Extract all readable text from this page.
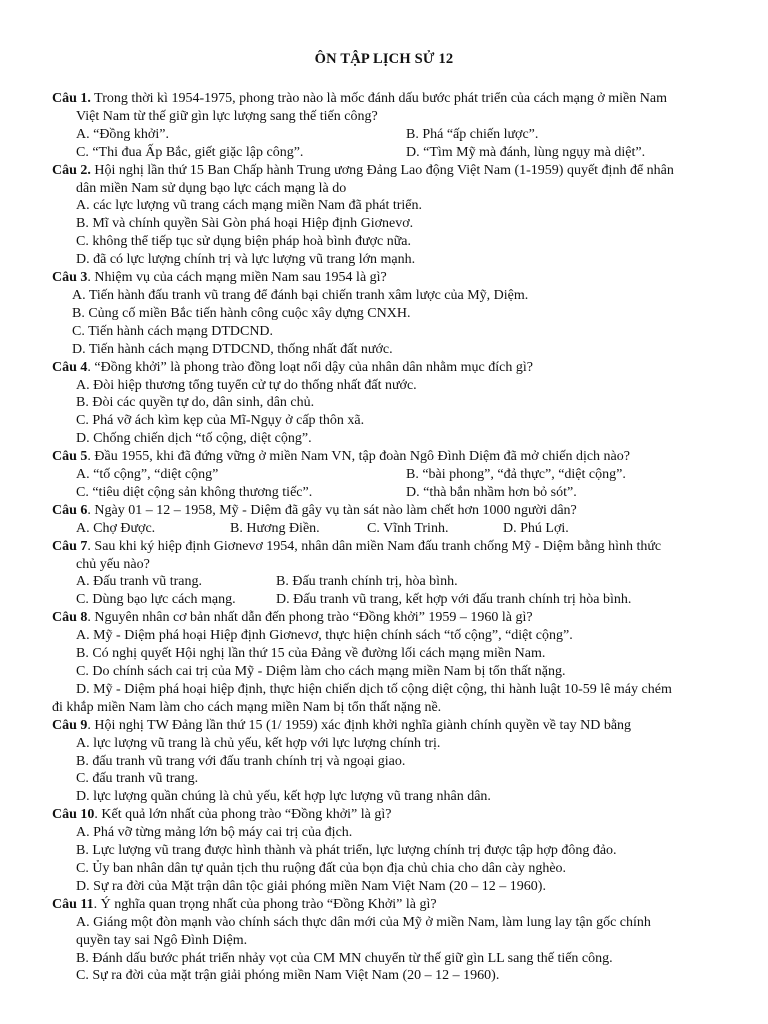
ÔN TẬP LỊCH SỬ 12
Câu 1. Trong thời kì 1954-1975, phong trào nào là mốc đánh dấu bước phát triển của cách mạng ở miền Nam
Việt Nam từ thế giữ gìn lực lượng sang thế tiến công?
A. “Đồng khởi”.	B. Phá “ấp chiến lược”.
C. “Thi đua Ấp Bắc, giết giặc lập công”.	D. “Tìm Mỹ mà đánh, lùng ngụy mà diệt”.
Câu 2. Hội nghị lần thứ 15 Ban Chấp hành Trung ương Đảng Lao động Việt Nam (1-1959) quyết định để nhân
dân miền Nam sử dụng bạo lực cách mạng là do
A. các lực lượng vũ trang cách mạng miền Nam đã phát triển.
B. Mĩ và chính quyền Sài Gòn phá hoại Hiệp định Giơnevơ.
C. không thể tiếp tục sử dụng biện pháp hoà bình được nữa.
D. đã có lực lượng chính trị và lực lượng vũ trang lớn mạnh.
Câu 3. Nhiệm vụ của cách mạng miền Nam sau 1954 là gì?
A. Tiến hành đấu tranh vũ trang để đánh bại chiến tranh xâm lược của Mỹ, Diệm.
B. Củng cố miền Bắc tiến hành công cuộc xây dựng CNXH.
C. Tiến hành cách mạng DTDCND.
D. Tiến hành cách mạng DTDCND, thống nhất đất nước.
Câu 4. “Đồng khởi” là phong trào đồng loạt nổi dậy của nhân dân nhằm mục đích gì?
A. Đòi hiệp thương tổng tuyển cử tự do thống nhất đất nước.
B. Đòi các quyền tự do, dân sinh, dân chủ.
C. Phá vỡ ách kìm kẹp của Mĩ-Ngụy ở cấp thôn xã.
D. Chống chiến dịch “tố cộng, diệt cộng”.
Câu 5. Đầu 1955, khi đã đứng vững ở miền Nam VN, tập đoàn Ngô Đình Diệm đã mở chiến dịch nào?
A. “tố cộng”, “diệt cộng”	B. “bài phong”, “đả thực”, “diệt cộng”.
C. “tiêu diệt cộng sản không thương tiếc”.	D. “thà bắn nhầm hơn bỏ sót”.
Câu 6. Ngày 01 – 12 – 1958, Mỹ - Diệm đã gây vụ tàn sát nào làm chết hơn 1000 người dân?
A. Chợ Được.	B. Hương Điền.	C. Vĩnh Trinh.	D. Phú Lợi.
Câu 7. Sau khi ký hiệp định Giơnevơ 1954, nhân dân miền Nam đấu tranh chống Mỹ - Diệm bằng hình thức
chủ yếu nào?
A. Đấu tranh vũ trang.	B. Đấu tranh chính trị, hòa bình.
C. Dùng bạo lực cách mạng.	D. Đấu tranh vũ trang, kết hợp với đấu tranh chính trị hòa bình.
Câu 8. Nguyên nhân cơ bản nhất dẫn đến phong trào “Đồng khởi” 1959 – 1960 là gì?
A. Mỹ - Diệm phá hoại Hiệp định Giơnevơ, thực hiện chính sách “tố cộng”, “diệt cộng”.
B. Có nghị quyết Hội nghị lần thứ 15 của Đảng về đường lối cách mạng miền Nam.
C. Do chính sách cai trị của Mỹ - Diệm làm cho cách mạng miền Nam bị tổn thất nặng.
D. Mỹ - Diệm phá hoại hiệp định, thực hiện chiến dịch tố cộng diệt cộng, thi hành luật 10-59 lê máy chém
đi khắp miền Nam làm cho cách mạng miền Nam bị tổn thất nặng nề.
Câu 9. Hội nghị TW Đảng lần thứ 15 (1/ 1959) xác định khởi nghĩa giành chính quyền về tay ND bằng
A. lực lượng vũ trang là chủ yếu, kết hợp với lực lượng chính trị.
B. đấu tranh vũ trang với đấu tranh chính trị và ngoại giao.
C. đấu tranh vũ trang.
D. lực lượng quần chúng là chủ yếu, kết hợp lực lượng vũ trang nhân dân.
Câu 10. Kết quả lớn nhất của phong trào “Đồng khởi” là gì?
A. Phá vỡ từng mảng lớn bộ máy cai trị của địch.
B. Lực lượng vũ trang được hình thành và phát triển, lực lượng chính trị được tập hợp đông đảo.
C. Ủy ban nhân dân tự quản tịch thu ruộng đất của bọn địa chủ chia cho dân cày nghèo.
D. Sự ra đời của Mặt trận dân tộc giải phóng miền Nam Việt Nam (20 – 12 – 1960).
Câu 11. Ý nghĩa quan trọng nhất của phong trào “Đồng Khởi” là gì?
A. Giáng một đòn mạnh vào chính sách thực dân mới của Mỹ ở miền Nam, làm lung lay tận gốc chính
quyền tay sai Ngô Đình Diệm.
B. Đánh dấu bước phát triển nhảy vọt của CM MN chuyển từ thế giữ gìn LL sang thế tiến công.
C. Sự ra đời của mặt trận giải phóng miền Nam Việt Nam (20 – 12 – 1960).
